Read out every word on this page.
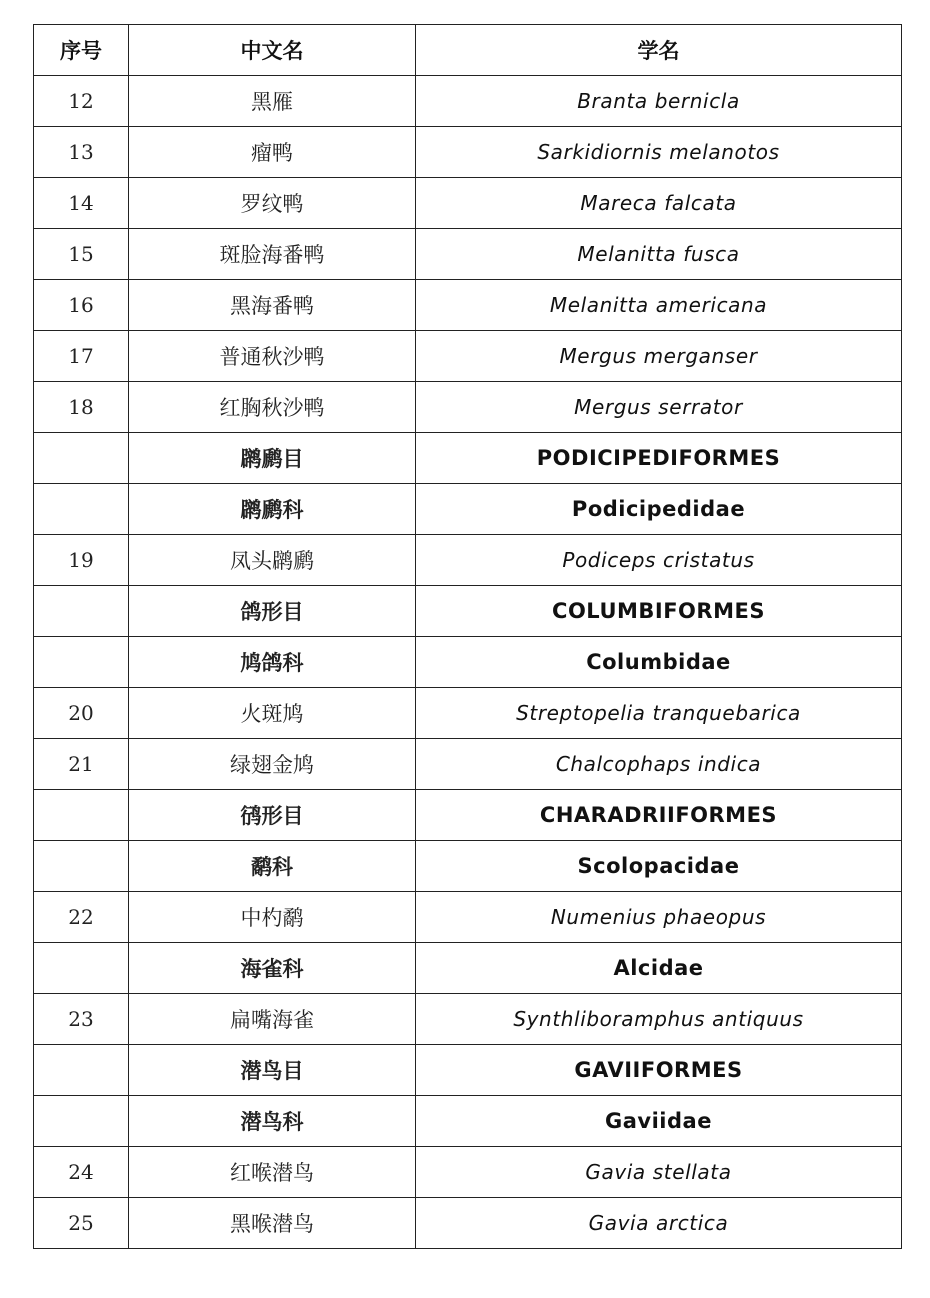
序号	中文名	学名
12	黑雁	Branta bernicla
13	瘤鸭	Sarkidiornis melanotos
14	罗纹鸭	Mareca falcata
15	斑脸海番鸭	Melanitta fusca
16	黑海番鸭	Melanitta americana
17	普通秋沙鸭	Mergus merganser
18	红胸秋沙鸭	Mergus serrator
	䴙䴘目	PODICIPEDIFORMES
	䴙䴘科	Podicipedidae
19	凤头䴙䴘	Podiceps cristatus
	鸽形目	COLUMBIFORMES
	鸠鸽科	Columbidae
20	火斑鸠	Streptopelia tranquebarica
21	绿翅金鸠	Chalcophaps indica
	鸻形目	CHARADRIIFORMES
	鹬科	Scolopacidae
22	中杓鹬	Numenius phaeopus
	海雀科	Alcidae
23	扁嘴海雀	Synthliboramphus antiquus
	潜鸟目	GAVIIFORMES
	潜鸟科	Gaviidae
24	红喉潜鸟	Gavia stellata
25	黑喉潜鸟	Gavia arctica
